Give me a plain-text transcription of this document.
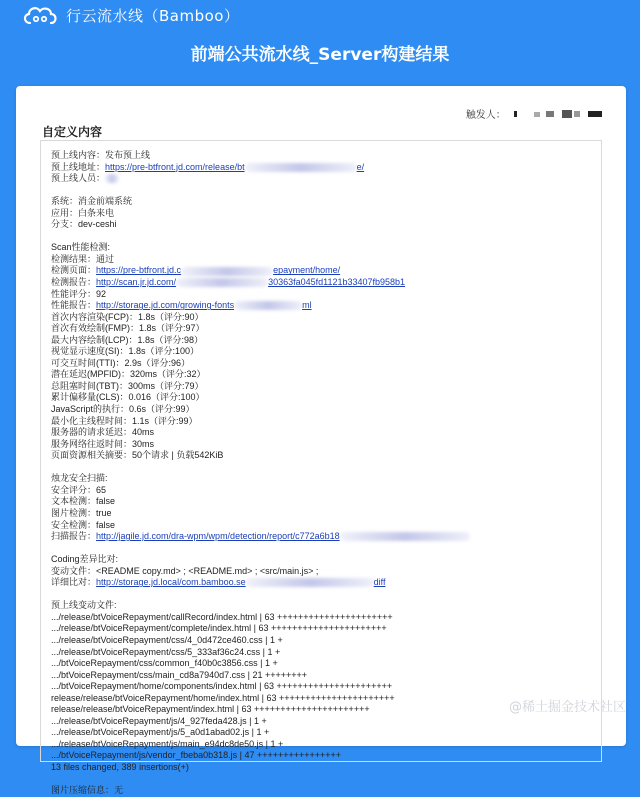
行云流水线（Bamboo）
前端公共流水线_Server构建结果
触发人：
自定义内容
预上线内容：发布预上线
预上线地址：https://pre-btfront.jd.com/release/bt	e/
预上线人员：
系统：消金前端系统
应用：白条来电
分支：dev-ceshi
Scan性能检测:
检测结果：通过
检测页面：https://pre-btfront.jd.c	epayment/home/
检测报告：http://scan.jr.jd.com/	30363fa045fd1121b33407fb958b1
性能评分：92
性能报告：http://storage.jd.com/growing-fonts	ml
首次内容渲染(FCP)：1.8s（评分:90）
首次有效绘制(FMP)：1.8s（评分:97）
最大内容绘制(LCP)：1.8s（评分:98）
视觉显示速度(SI)：1.8s（评分:100）
可交互时间(TTI)：2.9s（评分:96）
潜在延迟(MPFID)：320ms（评分:32）
总阻塞时间(TBT)：300ms（评分:79）
累计偏移量(CLS)：0.016（评分:100）
JavaScript的执行：0.6s（评分:99）
最小化主线程时间：1.1s（评分:99）
服务器的请求延迟：40ms
服务网络往返时间：30ms
页面资源相关摘要：50个请求 | 负载542KiB
烛龙安全扫描:
安全评分：65
文本检测：false
图片检测：true
安全检测：false
扫描报告：http://jagile.jd.com/dra-wpm/wpm/detection/report/c772a6b18
Coding差异比对:
变动文件：<README copy.md> ; <README.md> ; <src/main.js> ;
详细比对：http://storage.jd.local/com.bamboo.se	diff
预上线变动文件:
.../release/btVoiceRepayment/callRecord/index.html | 63 ++++++++++++++++++++++
.../release/btVoiceRepayment/complete/index.html | 63 ++++++++++++++++++++++
.../release/btVoiceRepayment/css/4_0d472ce460.css | 1 +
.../release/btVoiceRepayment/css/5_333af36c24.css | 1 +
.../btVoiceRepayment/css/common_f40b0c3856.css | 1 +
.../btVoiceRepayment/css/main_cd8a7940d7.css | 21 ++++++++
.../btVoiceRepayment/home/components/index.html | 63 ++++++++++++++++++++++
release/release/btVoiceRepayment/home/index.html | 63 ++++++++++++++++++++++
release/release/btVoiceRepayment/index.html | 63 ++++++++++++++++++++++
.../release/btVoiceRepayment/js/4_927feda428.js | 1 +
.../release/btVoiceRepayment/js/5_a0d1abad02.js | 1 +
.../release/btVoiceRepayment/js/main_e94dc8de50.js | 1 +
.../btVoiceRepayment/js/vendor_fbeba0b318.js | 47 ++++++++++++++++
13 files changed, 389 insertions(+)
图片压缩信息：无
@稀土掘金技术社区
